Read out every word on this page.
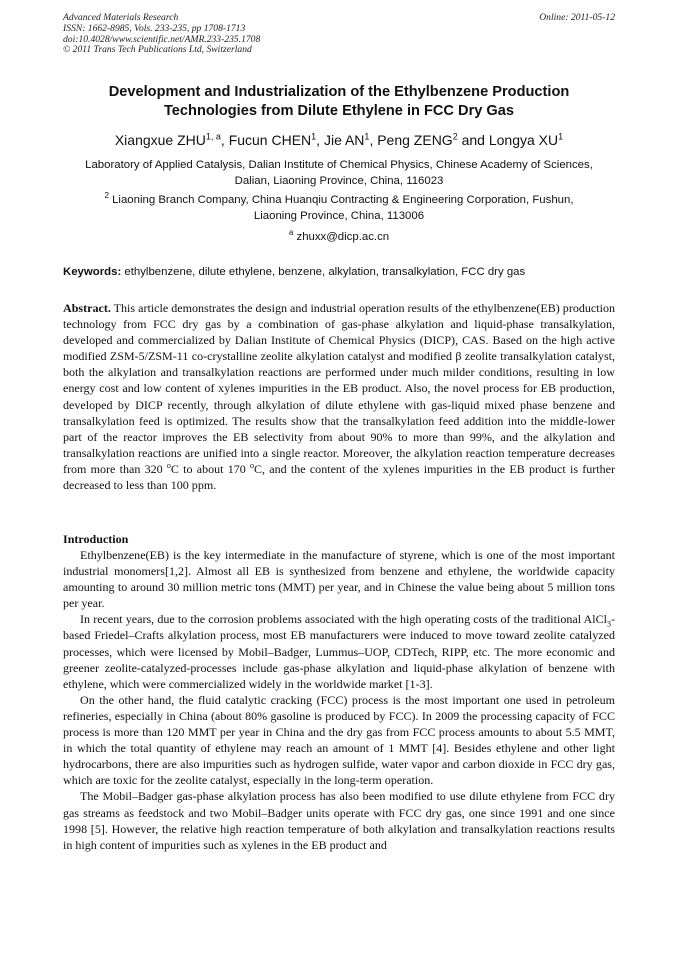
Advanced Materials Research
ISSN: 1662-8985, Vols. 233-235, pp 1708-1713
doi:10.4028/www.scientific.net/AMR.233-235.1708
© 2011 Trans Tech Publications Ltd, Switzerland
Online: 2011-05-12
Development and Industrialization of the Ethylbenzene Production
Technologies from Dilute Ethylene in FCC Dry Gas
Xiangxue ZHU$^{1, a}$, Fucun CHEN$^1$, Jie $AN^1$, Peng ZENG$^2$ and Longya $XU^1$
Laboratory of Applied Catalysis, Dalian Institute of Chemical Physics, Chinese Academy of Sciences,
Dalian, Liaoning Province, China, 116023
$^2$ Liaoning Branch Company, China Huanqiu Contracting & Engineering Corporation, Fushun,
Liaoning Province, China, 113006
$^a$ zhuxx@dicp.ac.cn
Keywords: ethylbenzene, dilute ethylene, benzene, alkylation, transalkylation, FCC dry gas

Abstract. This article demonstrates the design and industrial operation results of the ethylbenzene(EB) production technology from FCC dry gas by a combination of gas-phase alkylation and liquid-phase transalkylation, developed and commercialized by Dalian Institute of Chemical Physics (DICP), CAS. Based on the high active modified ZSM-5/ZSM-11 co-crystalline zeolite alkylation catalyst and modified β zeolite transalkylation catalyst, both the alkylation and transalkylation reactions are performed under much milder conditions, resulting in low energy cost and low content of xylenes impurities in the EB product. Also, the novel process for EB production, developed by DICP recently, through alkylation of dilute ethylene with gas-liquid mixed phase benzene and transalkylation feed is optimized. The results show that the transalkylation feed addition into the middle-lower part of the reactor improves the EB selectivity from about 90% to more than 99%, and the alkylation and transalkylation reactions are unified into a single reactor. Moreover, the alkylation reaction temperature decreases from more than 320 $^o$C to about 170 $^o$C, and the content of the xylenes impurities in the EB product is further decreased to less than 100 ppm.

Introduction

Ethylbenzene(EB) is the key intermediate in the manufacture of styrene, which is one of the most important industrial monomers[1,2]. Almost all EB is synthesized from benzene and ethylene, the worldwide capacity amounting to around 30 million metric tons (MMT) per year, and in Chinese the value being about 5 million tons per year.

In recent years, due to the corrosion problems associated with the high operating costs of the traditional AlCl$_3$-based Friedel–Crafts alkylation process, most EB manufacturers were induced to move toward zeolite catalyzed processes, which were licensed by Mobil–Badger, Lummus–UOP, CDTech, RIPP, etc. The more economic and greener zeolite-catalyzed-processes include gas-phase alkylation and liquid-phase alkylation of benzene with ethylene, which were commercialized widely in the worldwide market [1-3].

On the other hand, the fluid catalytic cracking (FCC) process is the most important one used in petroleum refineries, especially in China (about 80% gasoline is produced by FCC). In 2009 the processing capacity of FCC process is more than 120 MMT per year in China and the dry gas from FCC process amounts to about 5.5 MMT, in which the total quantity of ethylene may reach an amount of 1 MMT [4]. Besides ethylene and other light hydrocarbons, there are also impurities such as hydrogen sulfide, water vapor and carbon dioxide in FCC dry gas, which are toxic for the zeolite catalyst, especially in the long-term operation.

The Mobil–Badger gas-phase alkylation process has also been modified to use dilute ethylene from FCC dry gas streams as feedstock and two Mobil–Badger units operate with FCC dry gas, one since 1991 and one since 1998 [5]. However, the relative high reaction temperature of both alkylation and transalkylation reactions results in high content of impurities such as xylenes in the EB product and
